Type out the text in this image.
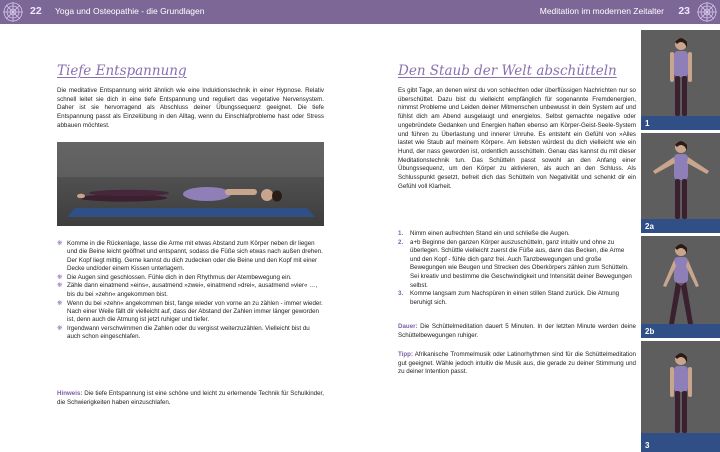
22 Yoga und Osteopathie - die Grundlagen	Meditation im modernen Zeitalter 23
Tiefe Entspannung

Die meditative Entspannung wirkt ähnlich wie eine Induktionstechnik in einer Hypnose. Relativ schnell leitet sie dich in eine tiefe Entspannung und reguliert das vegetative Nervensystem. Daher ist sie hervorragend als Abschluss deiner Übungssequenz geeignet. Die tiefe Entspannung passt als Einzelübung in den Alltag, wenn du Einschlafprobleme hast oder Stress abbauen möchtest.

❋ Komme in die Rückenlage, lasse die Arme mit etwas Abstand zum Körper neben dir liegen und die Beine leicht geöffnet und entspannt, sodass die Füße sich etwas nach außen drehen. Der Kopf liegt mittig. Gerne kannst du dich zudecken oder die Beine und den Kopf mit einer Decke und/oder einem Kissen unterlagern.
❋ Die Augen sind geschlossen. Fühle dich in den Rhythmus der Atembewegung ein.
❋ Zähle dann einatmend »eins«, ausatmend »zwei«, einatmend »drei«, ausatmend »vier« …, bis du bei »zehn« angekommen bist.
❋ Wenn du bei »zehn« angekommen bist, fange wieder von vorne an zu zählen - immer wieder. Nach einer Weile fällt dir vielleicht auf, dass der Abstand der Zahlen immer länger geworden ist, denn auch die Atmung ist jetzt ruhiger und tiefer.
❋ Irgendwann verschwimmen die Zahlen oder du vergisst weiterzuzählen. Vielleicht bist du auch schon eingeschlafen.
Hinweis: Die tiefe Entspannung ist eine schöne und leicht zu erlernende Technik für Schulkinder, die Schwierigkeiten haben einzuschlafen.
Den Staub der Welt abschütteln

Es gibt Tage, an denen wirst du von schlechten oder überflüssigen Nachrichten nur so überschüttet. Dazu bist du vielleicht empfänglich für sogenannte Fremdenergien, nimmst Probleme und Leiden deiner Mitmenschen unbewusst in dein System auf und fühlst dich am Abend ausgelaugt und energielos. Selbst gemachte negative oder ungebründete Gedanken und Energien haften ebenso am Körper-Geist-Seele-System und führen zu Überlastung und innerer Unruhe. Es entsteht ein Gefühl von »Alles lastet wie Staub auf meinem Körper«. Am liebsten würdest du dich vielleicht wie ein Hund, der nass geworden ist, ordentlich ausschütteln. Genau das kannst du mit dieser Meditationstechnik tun. Das Schütteln passt sowohl an den Anfang einer Übungssequenz, um den Körper zu aktivieren, als auch an den Schluss. Als Schlusspunkt gesetzt, befreit dich das Schütteln von Negativität und schenkt dir ein Gefühl voll Klarheit.

1. Nimm einen aufrechten Stand ein und schließe die Augen.
2. a+b Beginne den ganzen Körper auszuschütteln, ganz intuitiv und ohne zu überlegen. Schüttle vielleicht zuerst die Füße aus, dann das Becken, die Arme und den Kopf - fühle dich ganz frei. Auch Tanzbewegungen und große Bewegungen wie Beugen und Strecken des Oberkörpers zählen zum Schütteln. Sei kreativ und bestimme die Geschwindigkeit und Intensität deiner Bewegungen selbst.
3. Komme langsam zum Nachspüren in einen stillen Stand zurück. Die Atmung beruhigt sich.
Dauer: Die Schüttelmeditation dauert 5 Minuten. In der letzten Minute werden deine Schüttelbewegungen ruhiger.
Tipp: Afrikanische Trommelmusik oder Latinorhythmen sind für die Schüttelmeditation gut geeignet. Wähle jedoch intuitiv die Musik aus, die gerade zu deiner Stimmung und zu deiner Intention passt.
1
2a
2b
3
